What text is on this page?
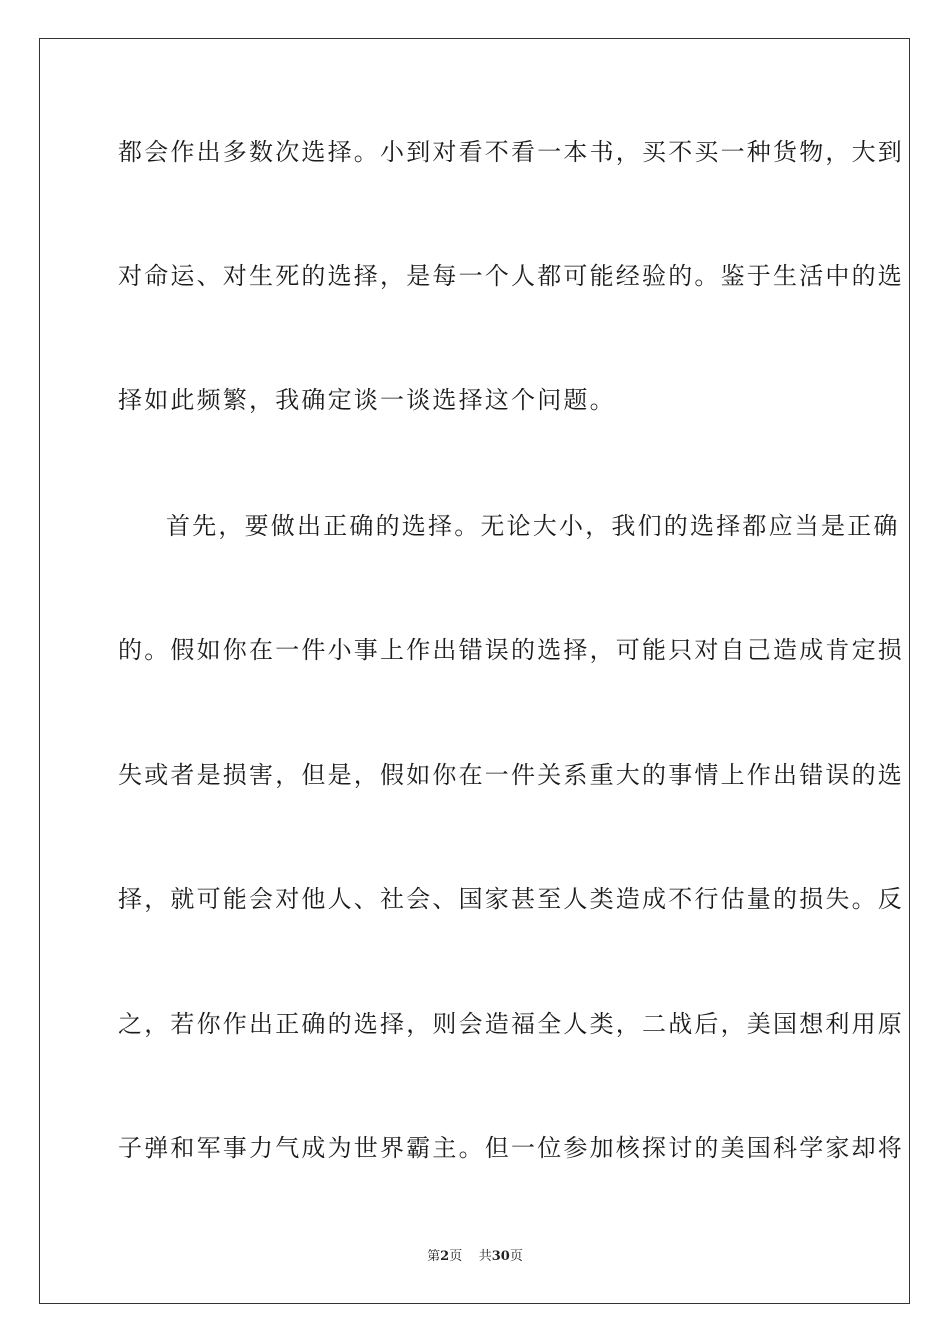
都会作出多数次选择。小到对看不看一本书，买不买一种货物，大到
对命运、对生死的选择，是每一个人都可能经验的。鉴于生活中的选
择如此频繁，我确定谈一谈选择这个问题。
首先，要做出正确的选择。无论大小，我们的选择都应当是正确
的。假如你在一件小事上作出错误的选择，可能只对自己造成肯定损
失或者是损害，但是，假如你在一件关系重大的事情上作出错误的选
择，就可能会对他人、社会、国家甚至人类造成不行估量的损失。反
之，若你作出正确的选择，则会造福全人类，二战后，美国想利用原
子弹和军事力气成为世界霸主。但一位参加核探讨的美国科学家却将
第2页 共30页
